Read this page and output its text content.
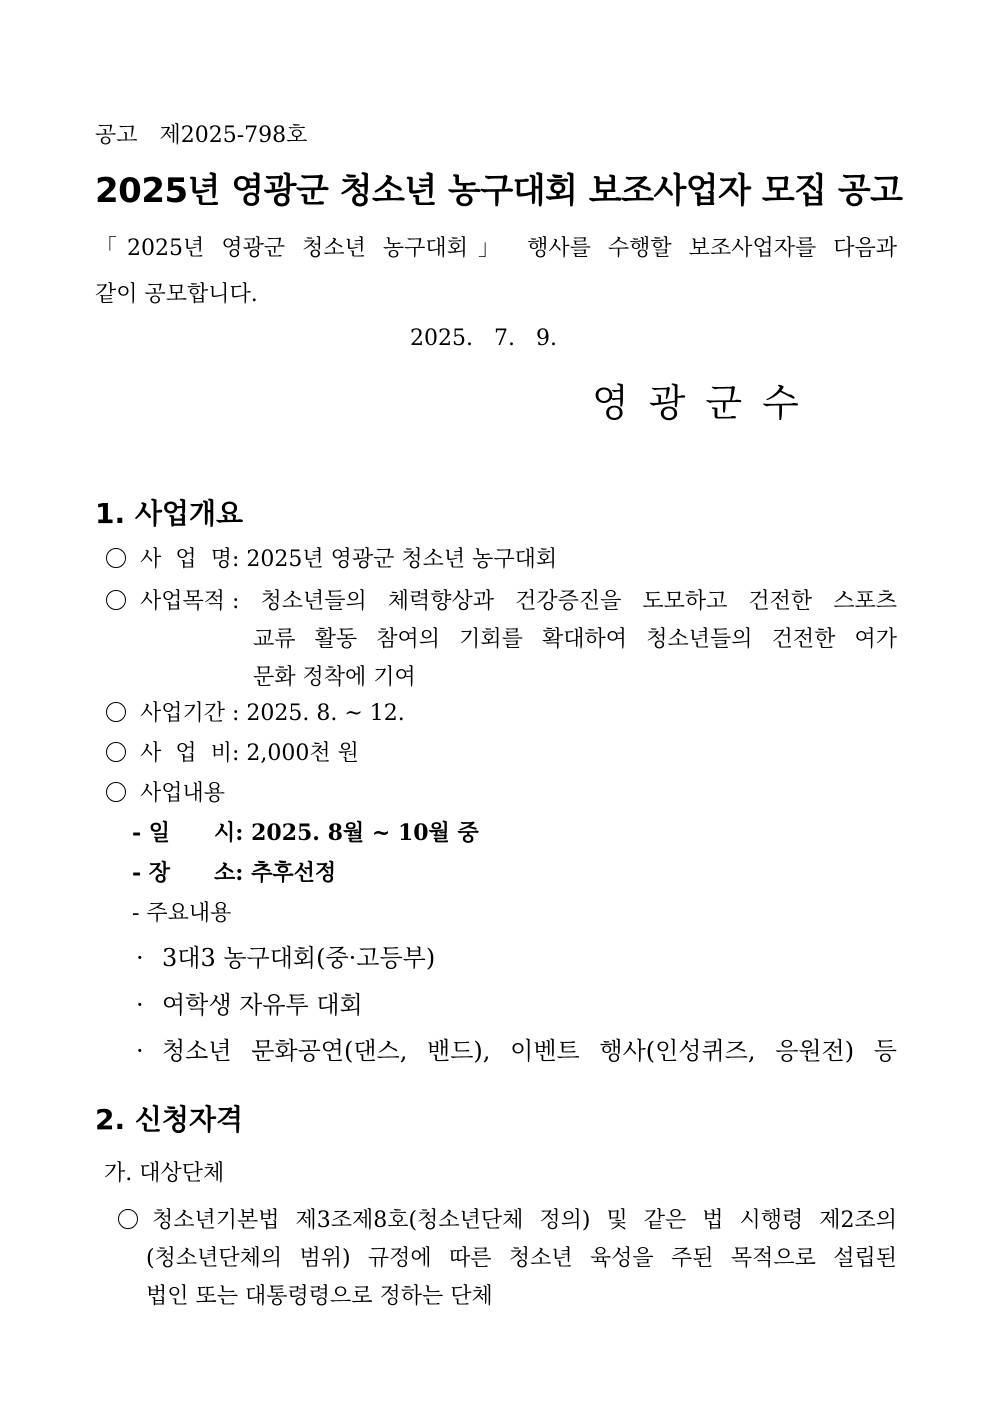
공고　제2025-798호
2025년 영광군 청소년 농구대회 보조사업자 모집 공고
「2025년 영광군 청소년 농구대회」 행사를 수행할 보조사업자를 다음과
같이 공모합니다.
2025. 7. 9.
영광군수
1. 사업개요
사 업 명: 2025년 영광군 청소년 농구대회
사업목적 : 청소년들의 체력향상과 건강증진을 도모하고 건전한 스포츠
교류 활동 참여의 기회를 확대하여 청소년들의 건전한 여가
문화 정착에 기여
사업기간 : 2025. 8. ~ 12.
사 업 비: 2,000천 원
사업내용
- 일　　시: 2025. 8월 ~ 10월 중
- 장　　소: 추후선정
- 주요내용
· 3대3 농구대회(중·고등부)
· 여학생 자유투 대회
· 청소년 문화공연(댄스, 밴드), 이벤트 행사(인성퀴즈, 응원전) 등
2. 신청자격
가. 대상단체
청소년기본법 제3조제8호(청소년단체 정의) 및 같은 법 시행령 제2조의
(청소년단체의 범위) 규정에 따른 청소년 육성을 주된 목적으로 설립된
법인 또는 대통령령으로 정하는 단체
